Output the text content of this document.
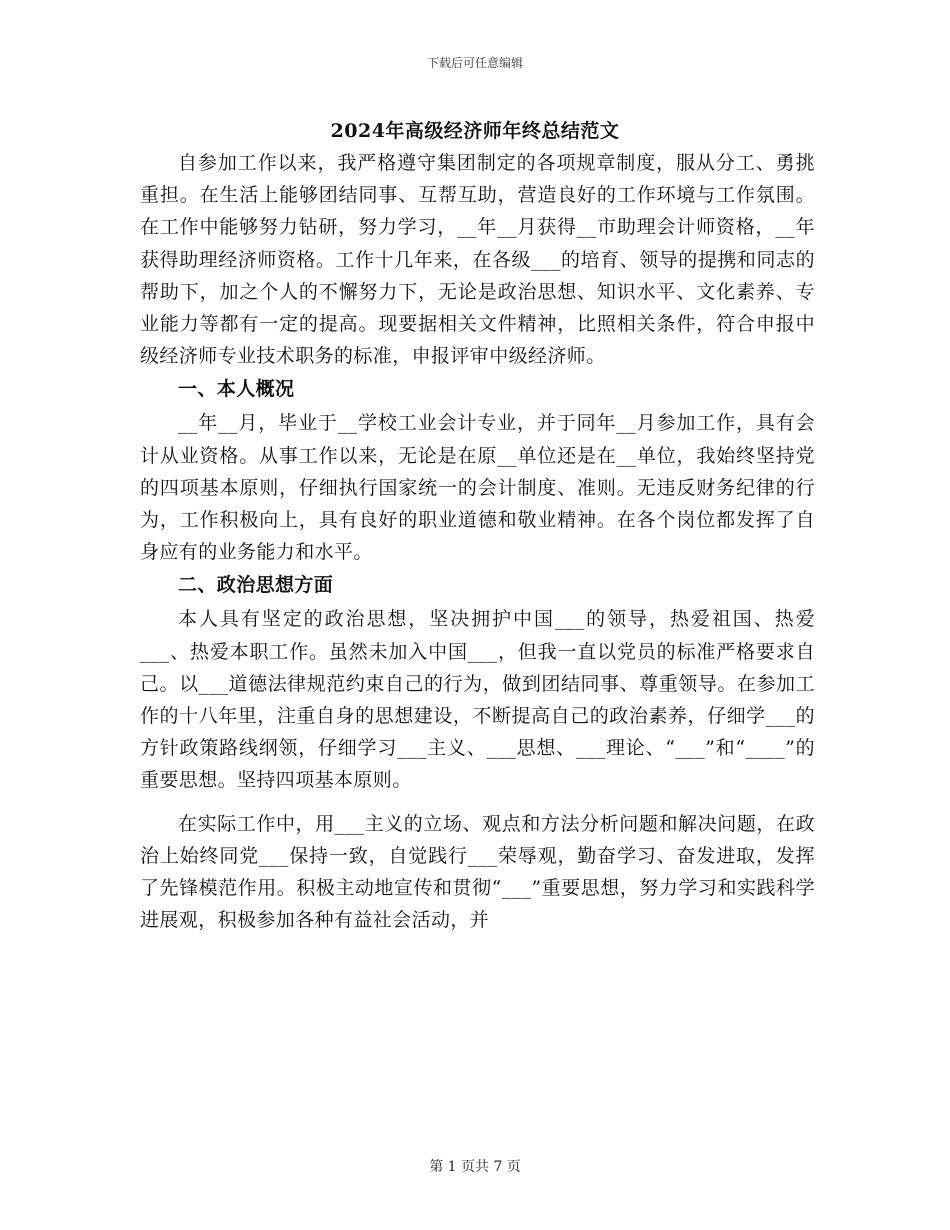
下载后可任意编辑
2024年高级经济师年终总结范文

自参加工作以来，我严格遵守集团制定的各项规章制度，服从分工、勇挑重担。在生活上能够团结同事、互帮互助，营造良好的工作环境与工作氛围。在工作中能够努力钻研，努力学习，__年__月获得__市助理会计师资格，__年获得助理经济师资格。工作十几年来，在各级___的培育、领导的提携和同志的帮助下，加之个人的不懈努力下，无论是政治思想、知识水平、文化素养、专业能力等都有一定的提高。现要据相关文件精神，比照相关条件，符合申报中级经济师专业技术职务的标准，申报评审中级经济师。

一、本人概况

__年__月，毕业于__学校工业会计专业，并于同年__月参加工作，具有会计从业资格。从事工作以来，无论是在原__单位还是在__单位，我始终坚持党的四项基本原则，仔细执行国家统一的会计制度、准则。无违反财务纪律的行为，工作积极向上，具有良好的职业道德和敬业精神。在各个岗位都发挥了自身应有的业务能力和水平。

二、政治思想方面

本人具有坚定的政治思想，坚决拥护中国___的领导，热爱祖国、热爱___、热爱本职工作。虽然未加入中国___，但我一直以党员的标准严格要求自己。以___道德法律规范约束自己的行为，做到团结同事、尊重领导。在参加工作的十八年里，注重自身的思想建设，不断提高自己的政治素养，仔细学___的方针政策路线纲领，仔细学习___主义、___思想、___理论、“___”和“____”的重要思想。坚持四项基本原则。

在实际工作中，用___主义的立场、观点和方法分析问题和解决问题，在政治上始终同党___保持一致，自觉践行___荣辱观，勤奋学习、奋发进取，发挥了先锋模范作用。积极主动地宣传和贯彻“___”重要思想，努力学习和实践科学进展观，积极参加各种有益社会活动，并

第 1 页共 7 页
